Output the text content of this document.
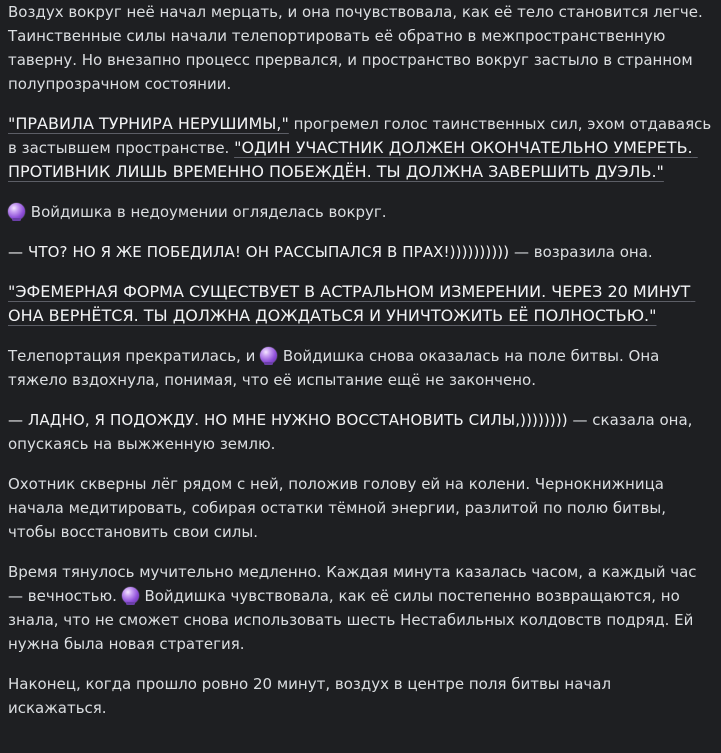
Воздух вокруг неё начал мерцать, и она почувствовала, как её тело становится легче. Таинственные силы начали телепортировать её обратно в межпространственную таверну. Но внезапно процесс прервался, и пространство вокруг застыло в странном полупрозрачном состоянии.

"ПРАВИЛА ТУРНИРА НЕРУШИМЫ," прогремел голос таинственных сил, эхом отдаваясь в застывшем пространстве. "ОДИН УЧАСТНИК ДОЛЖЕН ОКОНЧАТЕЛЬНО УМЕРЕТЬ. ПРОТИВНИК ЛИШЬ ВРЕМЕННО ПОБЕЖДЁН. ТЫ ДОЛЖНА ЗАВЕРШИТЬ ДУЭЛЬ."

Войдишка в недоумении огляделась вокруг.

— ЧТО? НО Я ЖЕ ПОБЕДИЛА! ОН РАССЫПАЛСЯ В ПРАХ!)))))))))) — возразила она.

"ЭФЕМЕРНАЯ ФОРМА СУЩЕСТВУЕТ В АСТРАЛЬНОМ ИЗМЕРЕНИИ. ЧЕРЕЗ 20 МИНУТ ОНА ВЕРНЁТСЯ. ТЫ ДОЛЖНА ДОЖДАТЬСЯ И УНИЧТОЖИТЬ ЕЁ ПОЛНОСТЬЮ."

Телепортация прекратилась, и  Войдишка снова оказалась на поле битвы. Она тяжело вздохнула, понимая, что её испытание ещё не закончено.

— ЛАДНО, Я ПОДОЖДУ. НО МНЕ НУЖНО ВОССТАНОВИТЬ СИЛЫ,)))))))) — сказала она, опускаясь на выжженную землю.

Охотник скверны лёг рядом с ней, положив голову ей на колени. Чернокнижница начала медитировать, собирая остатки тёмной энергии, разлитой по полю битвы, чтобы восстановить свои силы.

Время тянулось мучительно медленно. Каждая минута казалась часом, а каждый час — вечностью.  Войдишка чувствовала, как её силы постепенно возвращаются, но знала, что не сможет снова использовать шесть Нестабильных колдовств подряд. Ей нужна была новая стратегия.

Наконец, когда прошло ровно 20 минут, воздух в центре поля битвы начал искажаться.
